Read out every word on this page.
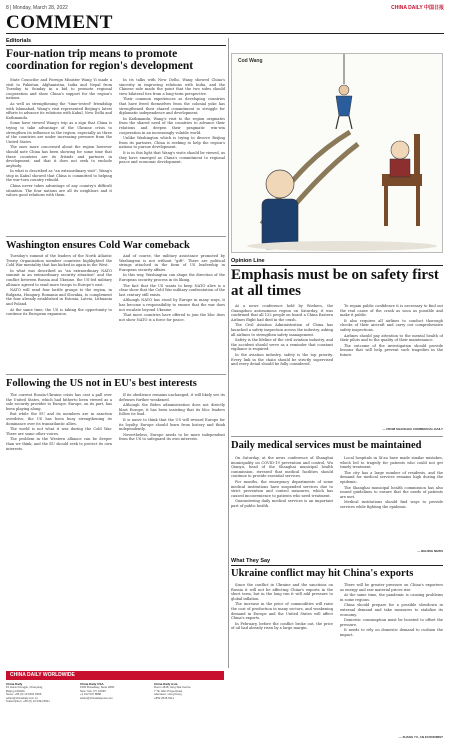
8 | Monday, March 28, 2022	CHINA DAILY 中国日报
COMMENT
Editorials
Four-nation trip means to promote coordination for region's development

State Councilor and Foreign Minister Wang Yi made a visit to Pakistan, Afghanistan, India and Nepal from Tuesday to Sunday in a bid to promote regional cooperation and show China's support for the region's nations.

As well as strengthening the "time-tested" friendship with Islamabad, Wang's visit represented Beijing's latest efforts to advance its relations with Kabul, New Delhi and Kathmandu.

Some have viewed Wang's trip as a sign that China is trying to take advantage of the Ukraine crisis to strengthen its influence in the region, especially as three of the countries are under increasing pressure from the United States.

The ones more concerned about the region however should note China has been showing for some time that these countries are its friends and partners in development, and that it does not seek to exclude anybody.

In what is described as "an extraordinary visit", Wang's stop in Kabul showed that China is committed to helping the war-torn country rebuild.

China never takes advantage of any country's difficult situation. The four nations are all its neighbors and it values good relations with them.

In its talks with New Delhi, Wang showed China's sincerity in improving relations with India, and the Chinese side made the point that the two sides should view bilateral ties from a long-term perspective.

Their common experiences as developing countries that have freed themselves from the colonial yoke has strengthened their shared commitment to struggle for diplomatic independence and development.

In Kathmandu, Wang's visit to the region originates from the shared need of the countries to advance their relations and deepen their pragmatic win-win cooperation in an increasingly volatile world.

Unlike Washington which is trying to divorce Beijing from its partners, China is seeking to help the region's nations to pursue development.

It is in this light that Wang's visits should be viewed, as they have emerged as China's commitment to regional peace and economic development.

Washington ensures Cold War comeback

Tuesday's summit of the leaders of the North Atlantic Treaty Organization member countries highlighted the Cold War mentality that has kicked in again in the West.

In what was described as "an extraordinary NATO summit in an extraordinary security situation" and the conflict between Russia and Ukraine, the US-led military alliance agreed to send more troops to Europe's east.

NATO will send four battle groups to the region, in Bulgaria, Hungary, Romania and Slovakia, to complement the four already established in Estonia, Latvia, Lithuania and Poland.

At the same time, the US is taking the opportunity to continue its European expansion.

And of course, the military assistance promoted by Washington is not without "gift". There are political strings attached in the form of US leadership in European security affairs.

In this way, Washington can shape the direction of the European security process in its liking.

The fact that the US wants to keep NATO alive is a clear show that the Cold War military confrontation of the last century still exists.

Although NATO has stood by Europe in many ways, it has become a responsibility to ensure that the war does not escalate beyond Ukraine.

That more countries have offered to join the bloc does not show NATO is a force for peace.

Following the US not in EU's best interests

The current Russia-Ukraine crisis has cast a pall over the United States, which had hitherto been viewed as a sole security provider to Europe. Europe, on its part, has been playing along.

But while the EU and its members are in sanction overdrive, the US has been busy strengthening its dominance over its transatlantic allies.

The world is not what it was during the Cold War. There are some other voices.

The problem in the Western alliance can be deeper than we think, and the EU should seek to protect its own interests.

If its obedience remains unchanged, it will likely see its defenses further weakened.

Although the Biden administration does not directly blast Europe, it has been insisting that its bloc leaders follow its lead.

It is naive to think that the US will reward Europe for its loyalty. Europe should learn from history and think independently.

Nevertheless, Europe needs to be more independent from the US to safeguard its own interests.

Cod Wang
Opinion Line
Emphasis must be on safety first at all times

At a news conference held by Workers, the Guangzhou autonomous region on Saturday, it was confirmed that all 132 people on board a China Eastern Airlines flight had died in the crash.

The Civil Aviation Administration of China has launched a safety inspection across the industry, asking all airlines to strengthen safety management.

Safety is the lifeline of the civil aviation industry, and the accident should serve as a reminder that constant vigilance is required.

In the aviation industry, safety is the top priority. Every link in the chain should be strictly supervised and every detail should be fully considered.

To regain public confidence it is necessary to find out the real cause of the crash as soon as possible and make it public.

It also requires all airlines to conduct thorough checks of their aircraft and carry out comprehensive safety inspections.

Airlines should pay attention to the mental health of their pilots and to the quality of their maintenance.

The outcome of the investigation should provide lessons that will help prevent such tragedies in the future.

— FROM SHANGHAI COMMERCIAL DAILY
Daily medical services must be maintained

On Saturday, at the news conference of Shanghai municipality on COVID-19 prevention and control, Wu Qianyu, head of the Shanghai municipal health commission, stressed that medical facilities should continue to provide essential services.

For months, the emergency departments of some medical institutions have suspended services due to strict prevention and control measures, which has caused inconvenience to patients who need treatment.

Guaranteeing daily medical services is an important part of public health.

Local hospitals in Xi'an have made similar mistakes, which led to tragedy for patients who could not get timely treatment.

The city has a large number of residents, and the demand for medical services remains high during the epidemic.

The Shanghai municipal health commission has also issued guidelines to ensure that the needs of patients are met.

Medical institutions should find ways to provide services while fighting the epidemic.

— BEIJING NEWS
What They Say
Ukraine conflict may hit China's exports

Since the conflict in Ukraine and the sanctions on Russia it will not be affecting China's exports in the short term, but in the long run it will add pressure to global inflation.

The increase in the price of commodities will raise the cost of production in many sectors, and weakening demand in Europe and the United States will affect China's exports.

In February, before the conflict broke out, the price of oil had already risen by a large margin.

There will be greater pressure on China's exporters as energy and raw material prices rise.

At the same time, the pandemic is causing problems in some regions.

China should prepare for a possible slowdown in external demand and take measures to stabilize its economy.

Domestic consumption must be boosted to offset the pressure.

It needs to rely on domestic demand to cushion the impact.

— ZHANG YU, AN ECONOMIST
CHINA DAILY WORLDWIDE
China Daily
15 Huixin Dongjie, Chaoyang,
Beijing 100029
News: +86 (0) 10 6491 8366
editor@chinadaily.com.cn
Subscription: +86 (0) 10 6491 8631
China Daily USA
1500 Broadway, Suite 2800,
New York, NY 10036
+1 212 537 8888
editor@chinadailyusa.com
China Daily Asia
Room 1818, Hing Wai Centre,
7 Tin Wan Praya Road,
Aberdeen, Hong Kong
+852 2518 5111
